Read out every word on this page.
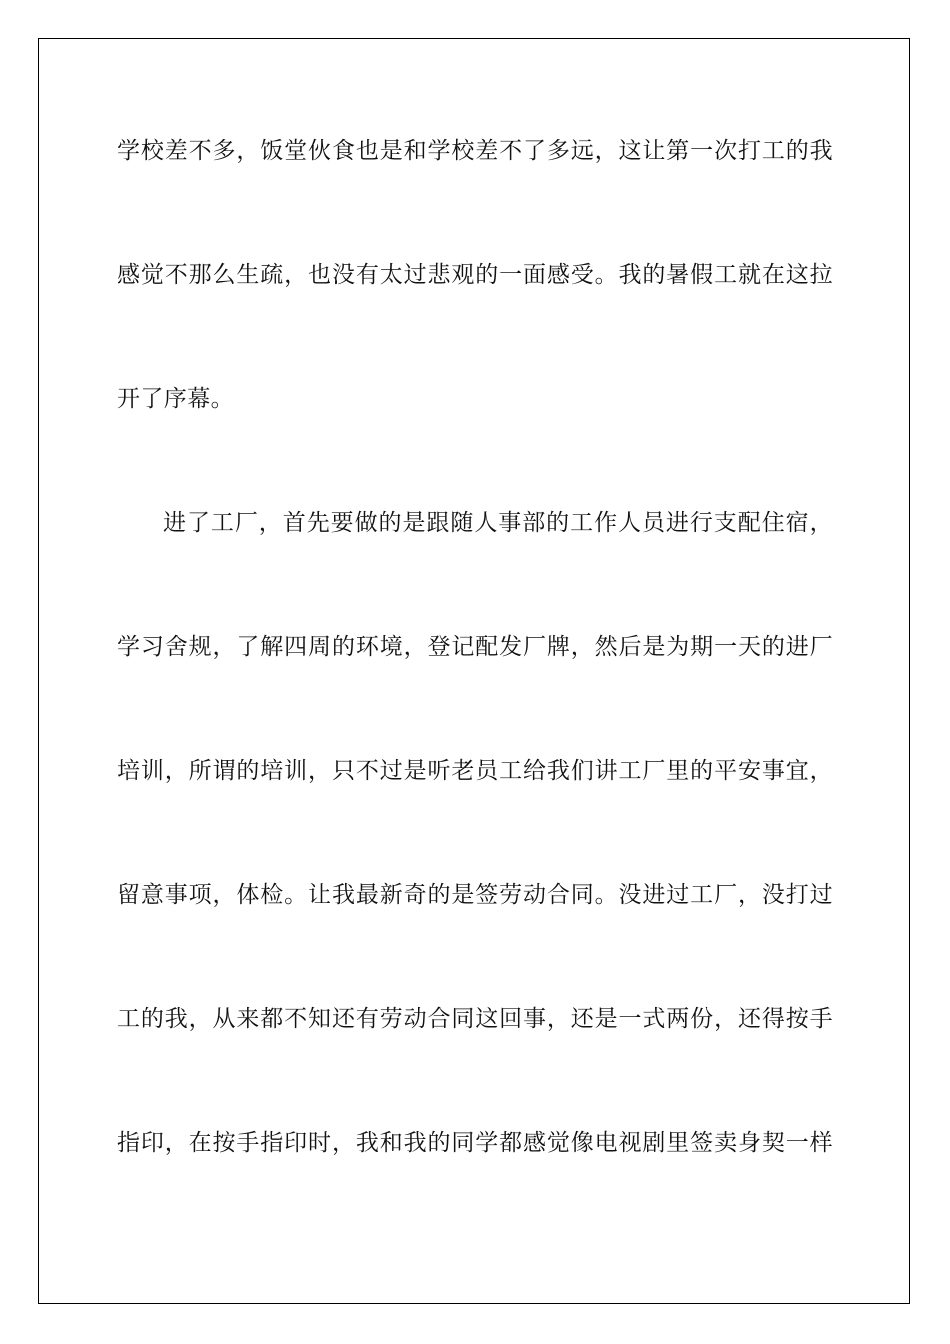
学校差不多，饭堂伙食也是和学校差不了多远，这让第一次打工的我
感觉不那么生疏，也没有太过悲观的一面感受。我的暑假工就在这拉
开了序幕。
进了工厂，首先要做的是跟随人事部的工作人员进行支配住宿，
学习舍规，了解四周的环境，登记配发厂牌，然后是为期一天的进厂
培训，所谓的培训，只不过是听老员工给我们讲工厂里的平安事宜，
留意事项，体检。让我最新奇的是签劳动合同。没进过工厂，没打过
工的我，从来都不知还有劳动合同这回事，还是一式两份，还得按手
指印，在按手指印时，我和我的同学都感觉像电视剧里签卖身契一样
